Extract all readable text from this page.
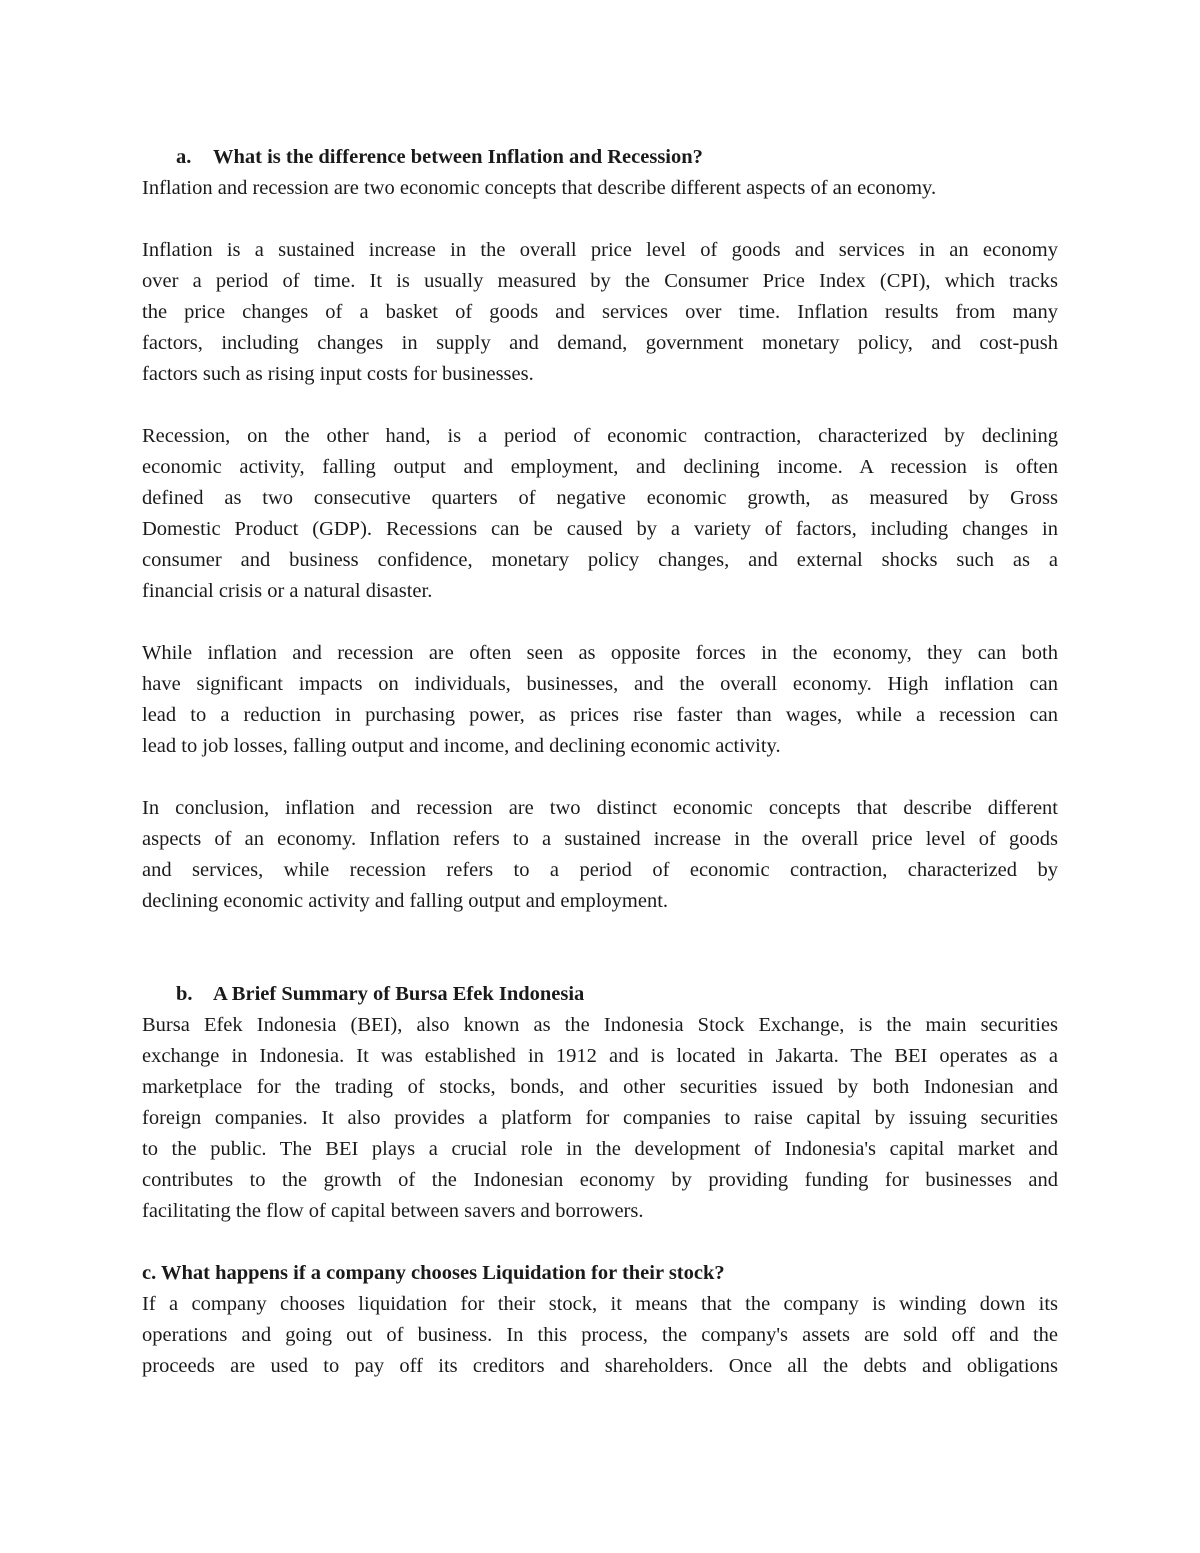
a. What is the difference between Inflation and Recession?
Inflation and recession are two economic concepts that describe different aspects of an economy.
Inflation is a sustained increase in the overall price level of goods and services in an economy
over a period of time. It is usually measured by the Consumer Price Index (CPI), which tracks
the price changes of a basket of goods and services over time. Inflation results from many
factors, including changes in supply and demand, government monetary policy, and cost-push
factors such as rising input costs for businesses.
Recession, on the other hand, is a period of economic contraction, characterized by declining
economic activity, falling output and employment, and declining income. A recession is often
defined as two consecutive quarters of negative economic growth, as measured by Gross
Domestic Product (GDP). Recessions can be caused by a variety of factors, including changes in
consumer and business confidence, monetary policy changes, and external shocks such as a
financial crisis or a natural disaster.
While inflation and recession are often seen as opposite forces in the economy, they can both
have significant impacts on individuals, businesses, and the overall economy. High inflation can
lead to a reduction in purchasing power, as prices rise faster than wages, while a recession can
lead to job losses, falling output and income, and declining economic activity.
In conclusion, inflation and recession are two distinct economic concepts that describe different
aspects of an economy. Inflation refers to a sustained increase in the overall price level of goods
and services, while recession refers to a period of economic contraction, characterized by
declining economic activity and falling output and employment.
b. A Brief Summary of Bursa Efek Indonesia
Bursa Efek Indonesia (BEI), also known as the Indonesia Stock Exchange, is the main securities
exchange in Indonesia. It was established in 1912 and is located in Jakarta. The BEI operates as a
marketplace for the trading of stocks, bonds, and other securities issued by both Indonesian and
foreign companies. It also provides a platform for companies to raise capital by issuing securities
to the public. The BEI plays a crucial role in the development of Indonesia's capital market and
contributes to the growth of the Indonesian economy by providing funding for businesses and
facilitating the flow of capital between savers and borrowers.
c. What happens if a company chooses Liquidation for their stock?
If a company chooses liquidation for their stock, it means that the company is winding down its
operations and going out of business. In this process, the company's assets are sold off and the
proceeds are used to pay off its creditors and shareholders. Once all the debts and obligations
